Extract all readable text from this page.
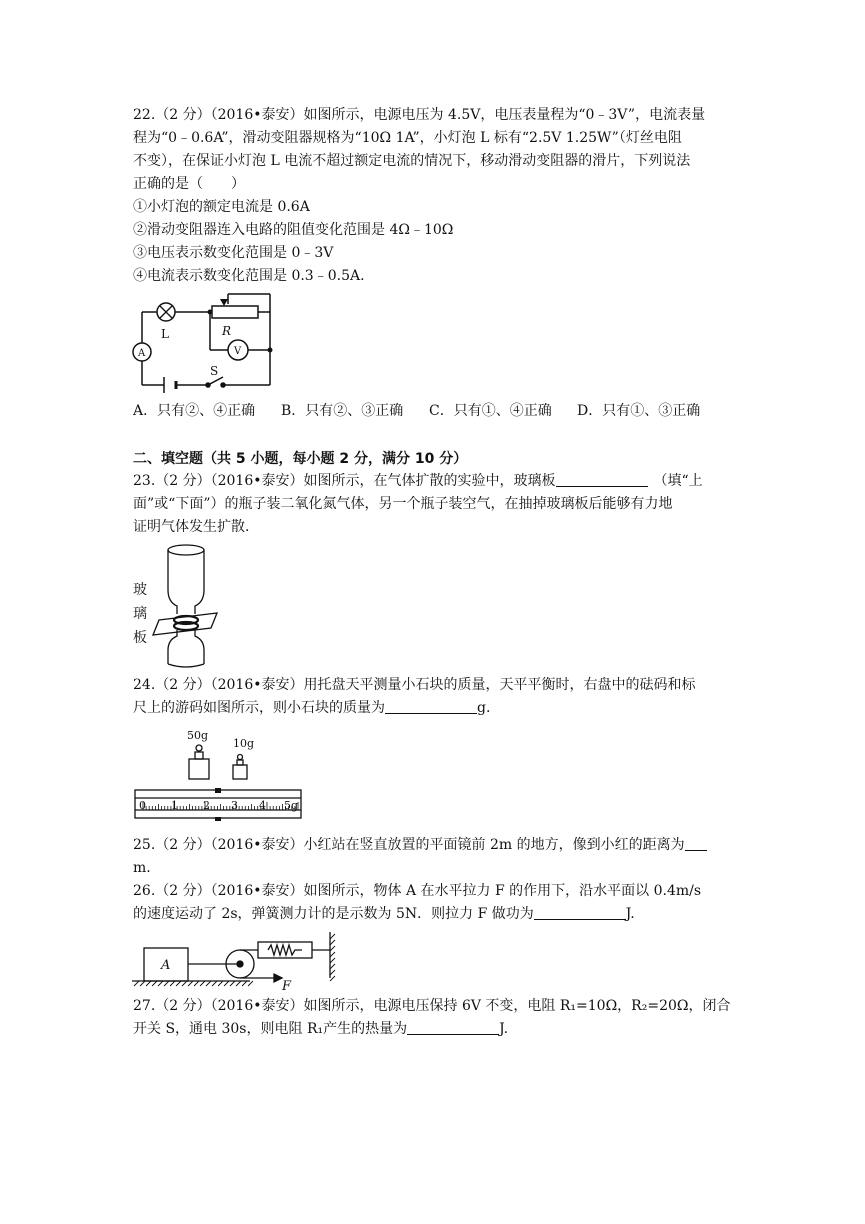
22.（2 分）（2016•泰安）如图所示，电源电压为 4.5V，电压表量程为“0﹣3V”，电流表量

程为“0﹣0.6A”，滑动变阻器规格为“10Ω 1A”，小灯泡 L 标有“2.5V 1.25W”（灯丝电阻

不变），在保证小灯泡 L 电流不超过额定电流的情况下，移动滑动变阻器的滑片，下列说法

正确的是（　　）

①小灯泡的额定电流是 0.6A

②滑动变阻器连入电路的阻值变化范围是 4Ω﹣10Ω

③电压表示数变化范围是 0﹣3V

④电流表示数变化范围是 0.3﹣0.5A.

L	R
A	V
S

A．只有②、④正确 B．只有②、③正确 C．只有①、④正确 D．只有①、③正确

二、填空题（共 5 小题，每小题 2 分，满分 10 分）

23.（2 分）（2016•泰安）如图所示，在气体扩散的实验中，玻璃板	（填“上

面”或“下面”）的瓶子装二氧化氮气体，另一个瓶子装空气，在抽掉玻璃板后能够有力地

证明气体发生扩散.

玻
璃
板

24.（2 分）（2016•泰安）用托盘天平测量小石块的质量，天平平衡时，右盘中的砝码和标

尺上的游码如图所示，则小石块的质量为	g.

50g
10g
0 1 2 3 4 5g

25.（2 分）（2016•泰安）小红站在竖直放置的平面镜前 2m 的地方，像到小红的距离为

m.

26.（2 分）（2016•泰安）如图所示，物体 A 在水平拉力 F 的作用下，沿水平面以 0.4m/s

的速度运动了 2s，弹簧测力计的是示数为 5N．则拉力 F 做功为	J.

A
F

27.（2 分）（2016•泰安）如图所示，电源电压保持 6V 不变，电阻 R₁=10Ω，R₂=20Ω，闭合

开关 S，通电 30s，则电阻 R₁产生的热量为	J.
